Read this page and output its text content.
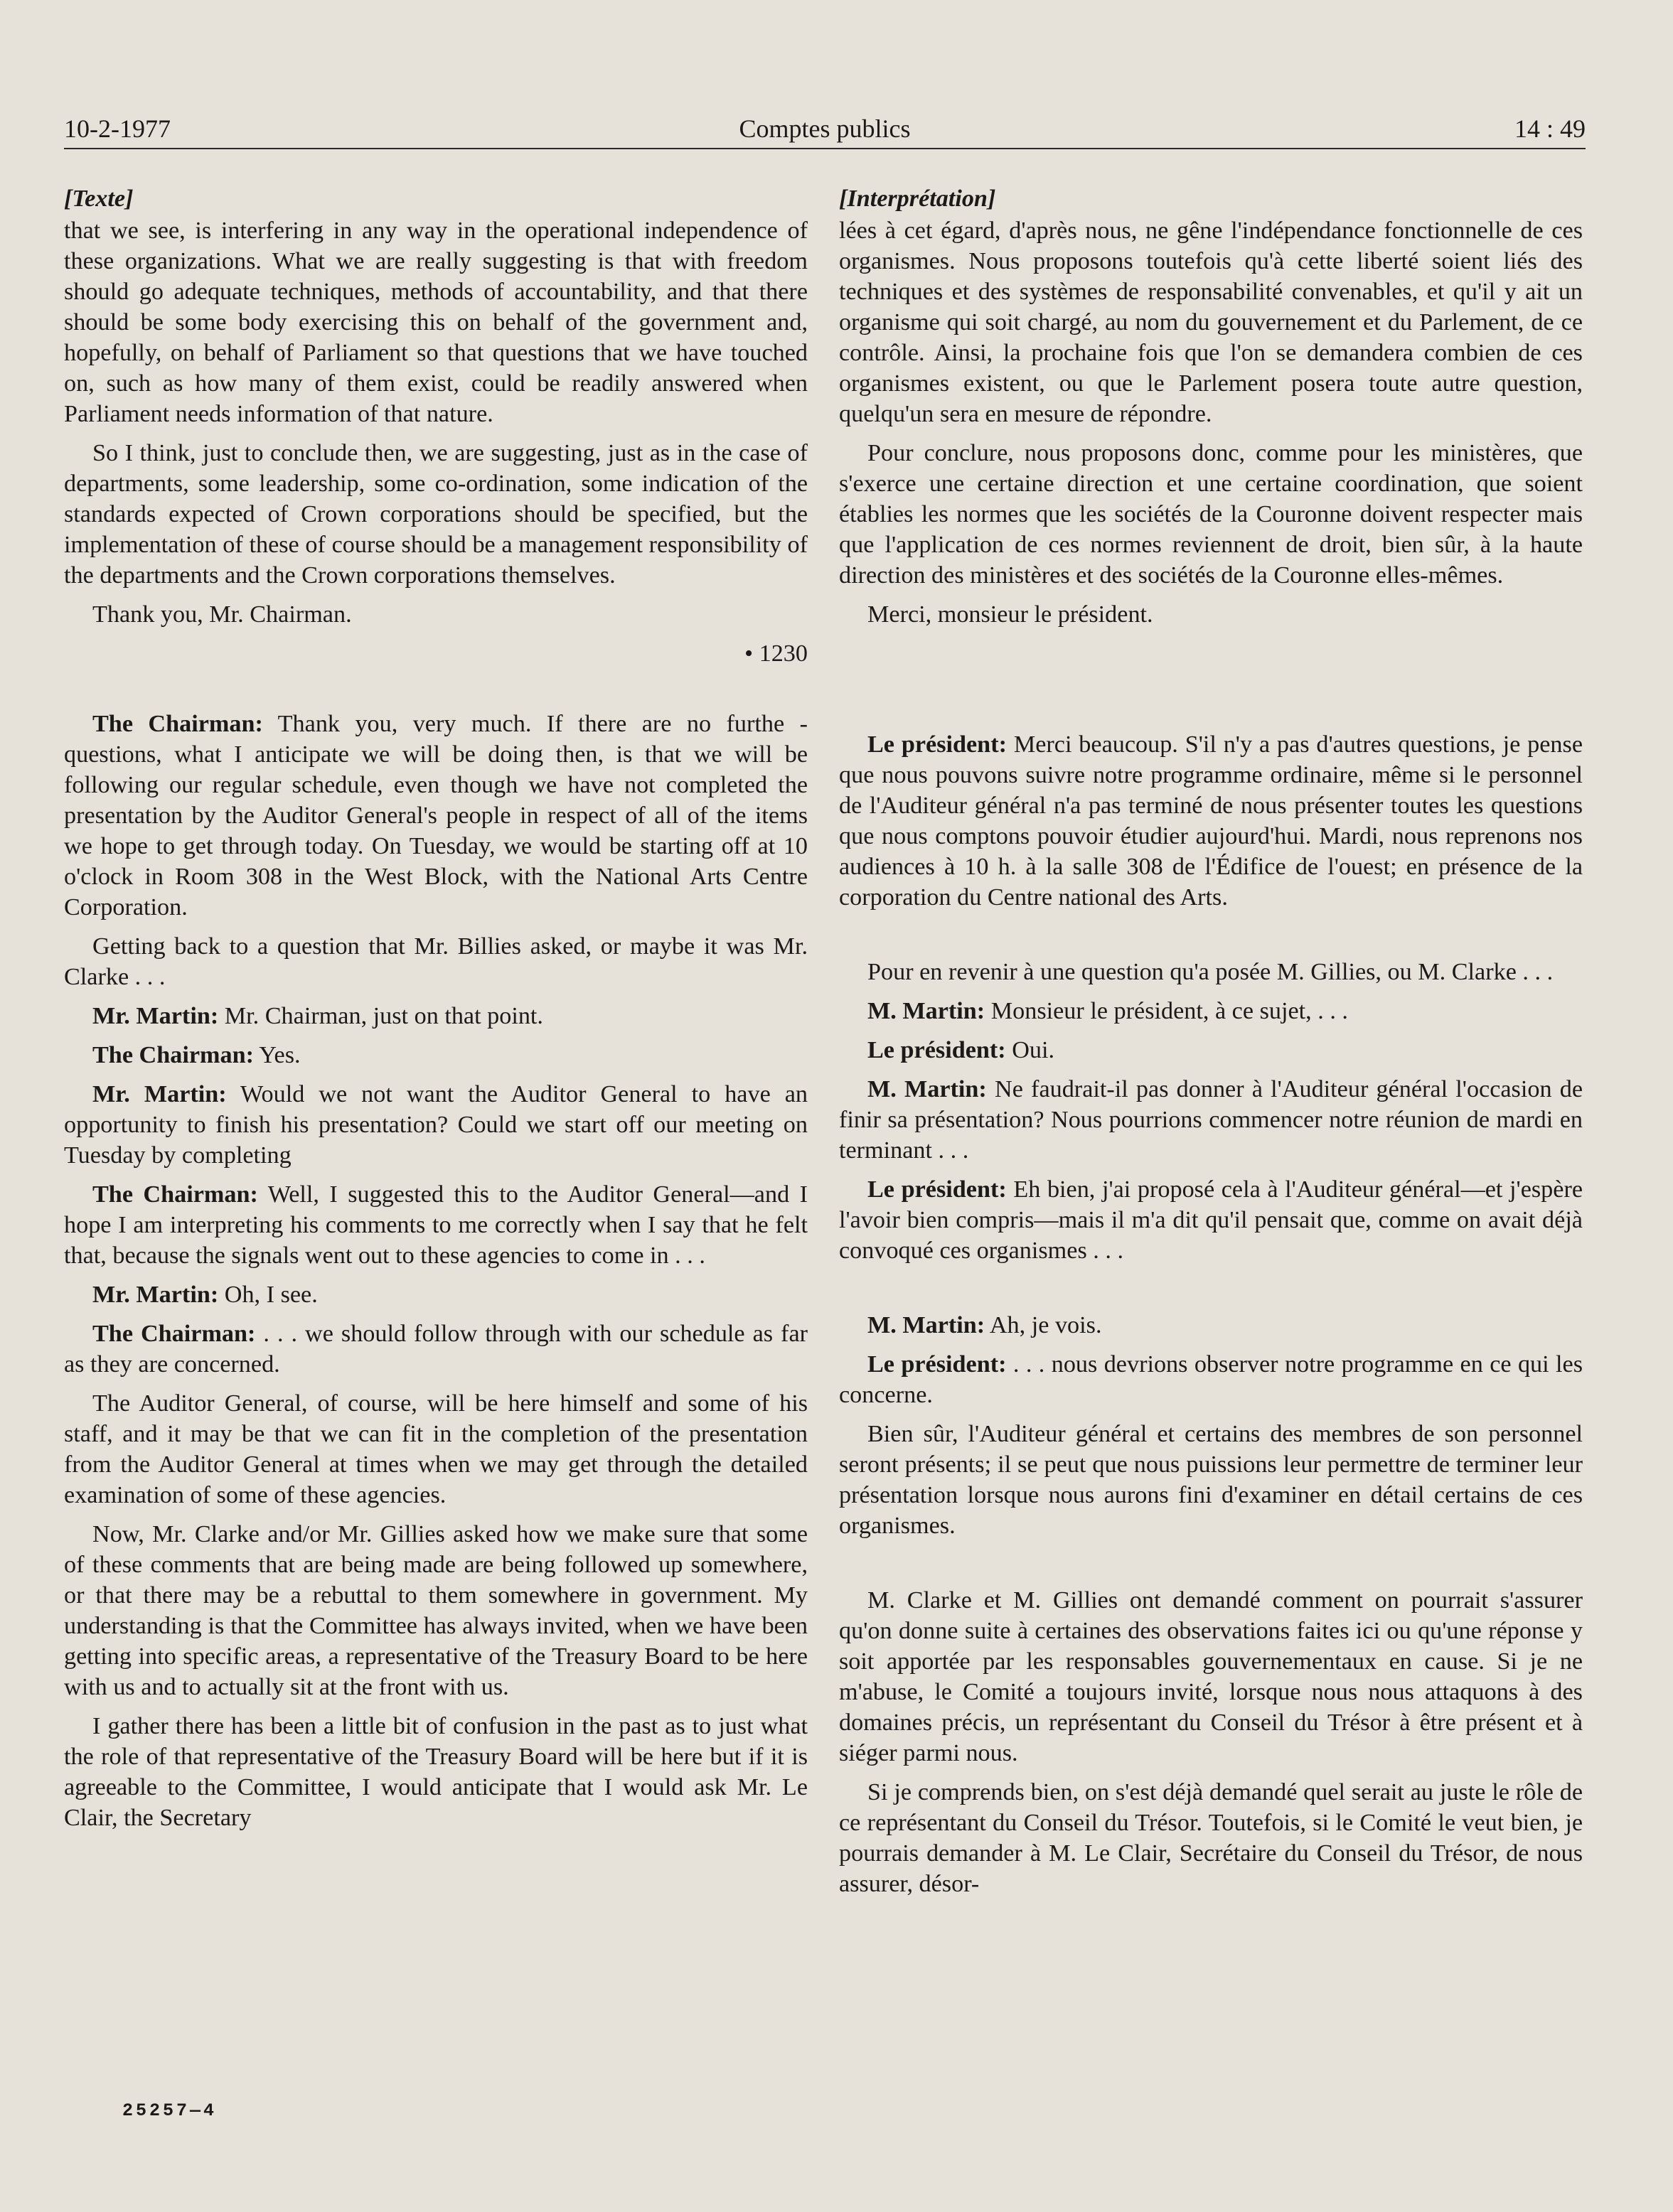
10-2-1977	Comptes publics	14 : 49
[Texte]

that we see, is interfering in any way in the operational independence of these organizations. What we are really suggesting is that with freedom should go adequate techniques, methods of accountability, and that there should be some body exercising this on behalf of the government and, hopefully, on behalf of Parliament so that questions that we have touched on, such as how many of them exist, could be readily answered when Parliament needs information of that nature.

So I think, just to conclude then, we are suggesting, just as in the case of departments, some leadership, some co-ordination, some indication of the standards expected of Crown corporations should be specified, but the implementation of these of course should be a management responsibility of the departments and the Crown corporations themselves.

Thank you, Mr. Chairman.

• 1230

The Chairman: Thank you, very much. If there are no furthe - questions, what I anticipate we will be doing then, is that we will be following our regular schedule, even though we have not completed the presentation by the Auditor General's people in respect of all of the items we hope to get through today. On Tuesday, we would be starting off at 10 o'clock in Room 308 in the West Block, with the National Arts Centre Corporation.

Getting back to a question that Mr. Billies asked, or maybe it was Mr. Clarke . . .

Mr. Martin: Mr. Chairman, just on that point.

The Chairman: Yes.

Mr. Martin: Would we not want the Auditor General to have an opportunity to finish his presentation? Could we start off our meeting on Tuesday by completing

The Chairman: Well, I suggested this to the Auditor General—and I hope I am interpreting his comments to me correctly when I say that he felt that, because the signals went out to these agencies to come in . . .

Mr. Martin: Oh, I see.

The Chairman: . . . we should follow through with our schedule as far as they are concerned.

The Auditor General, of course, will be here himself and some of his staff, and it may be that we can fit in the completion of the presentation from the Auditor General at times when we may get through the detailed examination of some of these agencies.

Now, Mr. Clarke and/or Mr. Gillies asked how we make sure that some of these comments that are being made are being followed up somewhere, or that there may be a rebuttal to them somewhere in government. My understanding is that the Committee has always invited, when we have been getting into specific areas, a representative of the Treasury Board to be here with us and to actually sit at the front with us.

I gather there has been a little bit of confusion in the past as to just what the role of that representative of the Treasury Board will be here but if it is agreeable to the Committee, I would anticipate that I would ask Mr. Le Clair, the Secretary

[Interprétation]

lées à cet égard, d'après nous, ne gêne l'indépendance fonctionnelle de ces organismes. Nous proposons toutefois qu'à cette liberté soient liés des techniques et des systèmes de responsabilité convenables, et qu'il y ait un organisme qui soit chargé, au nom du gouvernement et du Parlement, de ce contrôle. Ainsi, la prochaine fois que l'on se demandera combien de ces organismes existent, ou que le Parlement posera toute autre question, quelqu'un sera en mesure de répondre.

Pour conclure, nous proposons donc, comme pour les ministères, que s'exerce une certaine direction et une certaine coordination, que soient établies les normes que les sociétés de la Couronne doivent respecter mais que l'application de ces normes reviennent de droit, bien sûr, à la haute direction des ministères et des sociétés de la Couronne elles-mêmes.

Merci, monsieur le président.

Le président: Merci beaucoup. S'il n'y a pas d'autres questions, je pense que nous pouvons suivre notre programme ordinaire, même si le personnel de l'Auditeur général n'a pas terminé de nous présenter toutes les questions que nous comptons pouvoir étudier aujourd'hui. Mardi, nous reprenons nos audiences à 10 h. à la salle 308 de l'Édifice de l'ouest; en présence de la corporation du Centre national des Arts.

Pour en revenir à une question qu'a posée M. Gillies, ou M. Clarke . . .

M. Martin: Monsieur le président, à ce sujet, . . .

Le président: Oui.

M. Martin: Ne faudrait-il pas donner à l'Auditeur général l'occasion de finir sa présentation? Nous pourrions commencer notre réunion de mardi en terminant . . .

Le président: Eh bien, j'ai proposé cela à l'Auditeur général—et j'espère l'avoir bien compris—mais il m'a dit qu'il pensait que, comme on avait déjà convoqué ces organismes . . .

M. Martin: Ah, je vois.

Le président: . . . nous devrions observer notre programme en ce qui les concerne.

Bien sûr, l'Auditeur général et certains des membres de son personnel seront présents; il se peut que nous puissions leur permettre de terminer leur présentation lorsque nous aurons fini d'examiner en détail certains de ces organismes.

M. Clarke et M. Gillies ont demandé comment on pourrait s'assurer qu'on donne suite à certaines des observations faites ici ou qu'une réponse y soit apportée par les responsables gouvernementaux en cause. Si je ne m'abuse, le Comité a toujours invité, lorsque nous nous attaquons à des domaines précis, un représentant du Conseil du Trésor à être présent et à siéger parmi nous.

Si je comprends bien, on s'est déjà demandé quel serait au juste le rôle de ce représentant du Conseil du Trésor. Toutefois, si le Comité le veut bien, je pourrais demander à M. Le Clair, Secrétaire du Conseil du Trésor, de nous assurer, désor-

25257—4
